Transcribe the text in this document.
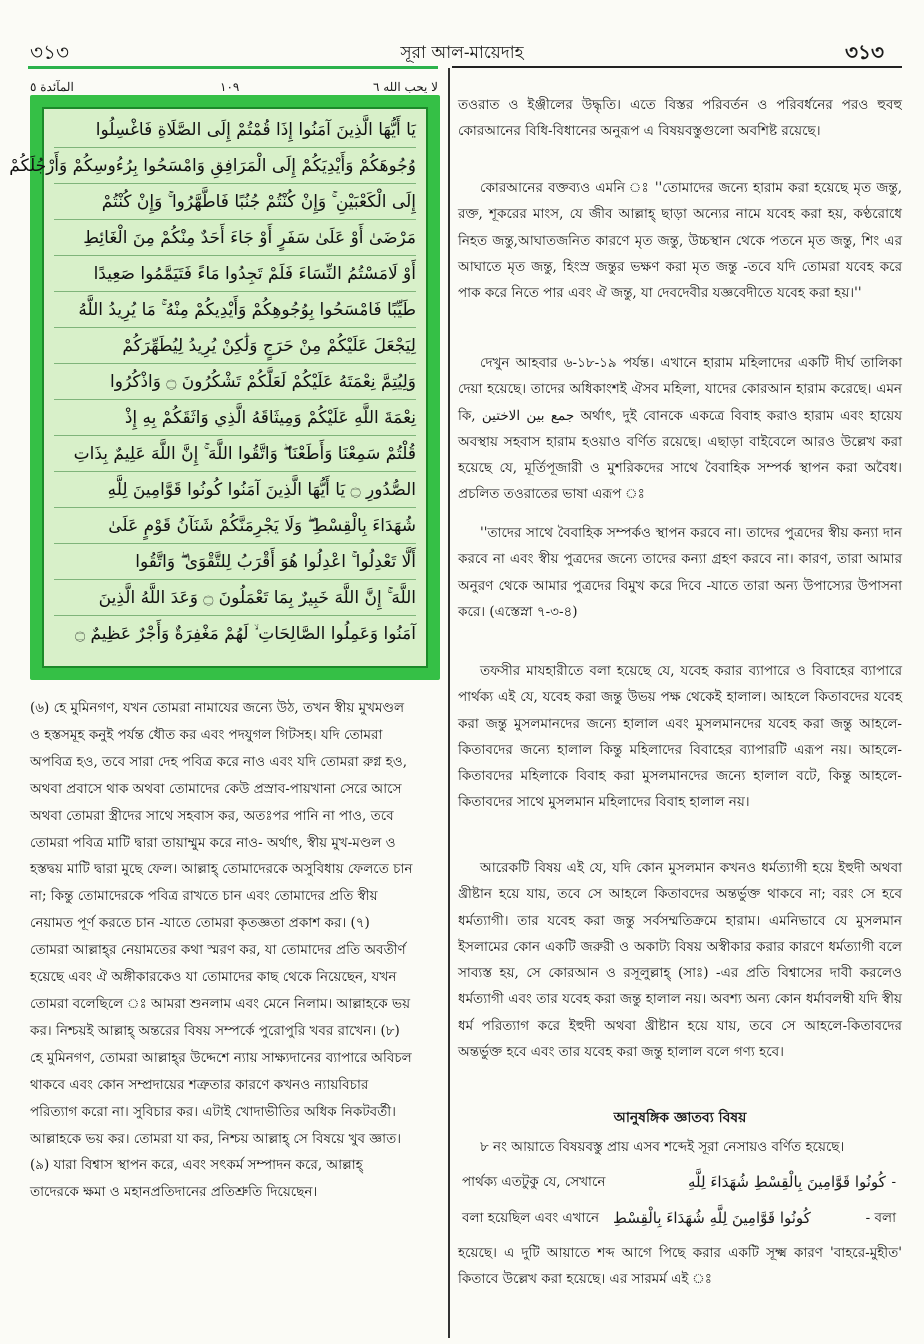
৩১৩	সূরা আল-মায়েদাহ	৩১৩
المآئدة ٥	١٠٩	لا يحب الله ٦
يَا أَيُّهَا الَّذِينَ آمَنُوا إِذَا قُمْتُمْ إِلَى الصَّلَاةِ فَاغْسِلُوا
وُجُوهَكُمْ وَأَيْدِيَكُمْ إِلَى الْمَرَافِقِ وَامْسَحُوا بِرُءُوسِكُمْ وَأَرْجُلَكُمْ
إِلَى الْكَعْبَيْنِ ۚ وَإِنْ كُنْتُمْ جُنُبًا فَاطَّهَّرُوا ۚ وَإِنْ كُنْتُمْ
مَرْضَىٰ أَوْ عَلَىٰ سَفَرٍ أَوْ جَاءَ أَحَدٌ مِنْكُمْ مِنَ الْغَائِطِ
أَوْ لَامَسْتُمُ النِّسَاءَ فَلَمْ تَجِدُوا مَاءً فَتَيَمَّمُوا صَعِيدًا
طَيِّبًا فَامْسَحُوا بِوُجُوهِكُمْ وَأَيْدِيكُمْ مِنْهُ ۚ مَا يُرِيدُ اللَّهُ
لِيَجْعَلَ عَلَيْكُمْ مِنْ حَرَجٍ وَلَٰكِنْ يُرِيدُ لِيُطَهِّرَكُمْ
وَلِيُتِمَّ نِعْمَتَهُ عَلَيْكُمْ لَعَلَّكُمْ تَشْكُرُونَ ۝ وَاذْكُرُوا
نِعْمَةَ اللَّهِ عَلَيْكُمْ وَمِيثَاقَهُ الَّذِي وَاثَقَكُمْ بِهِ إِذْ
قُلْتُمْ سَمِعْنَا وَأَطَعْنَا ۖ وَاتَّقُوا اللَّهَ ۚ إِنَّ اللَّهَ عَلِيمٌ بِذَاتِ
الصُّدُورِ ۝ يَا أَيُّهَا الَّذِينَ آمَنُوا كُونُوا قَوَّامِينَ لِلَّهِ
شُهَدَاءَ بِالْقِسْطِ ۖ وَلَا يَجْرِمَنَّكُمْ شَنَآنُ قَوْمٍ عَلَىٰ
أَلَّا تَعْدِلُوا ۚ اعْدِلُوا هُوَ أَقْرَبُ لِلتَّقْوَىٰ ۖ وَاتَّقُوا
اللَّهَ ۚ إِنَّ اللَّهَ خَبِيرٌ بِمَا تَعْمَلُونَ ۝ وَعَدَ اللَّهُ الَّذِينَ
آمَنُوا وَعَمِلُوا الصَّالِحَاتِ ۙ لَهُمْ مَغْفِرَةٌ وَأَجْرٌ عَظِيمٌ ۝
(৬) হে মুমিনগণ, যখন তোমরা নামাযের জন্যে উঠ, তখন স্বীয় মুখমণ্ডল
ও হস্তসমূহ কনুই পর্যন্ত ধৌত কর এবং পদযুগল গিটসহ। যদি তোমরা
অপবিত্র হও, তবে সারা দেহ পবিত্র করে নাও এবং যদি তোমরা রুগ্ন হও,
অথবা প্রবাসে থাক অথবা তোমাদের কেউ প্রস্রাব-পায়খানা সেরে আসে
অথবা তোমরা স্ত্রীদের সাথে সহবাস কর, অতঃপর পানি না পাও, তবে
তোমরা পবিত্র মাটি দ্বারা তায়াম্মুম করে নাও- অর্থাৎ, স্বীয় মুখ-মণ্ডল ও
হস্তদ্বয় মাটি দ্বারা মুছে ফেল। আল্লাহ্ তোমাদেরকে অসুবিধায় ফেলতে চান
না; কিন্তু তোমাদেরকে পবিত্র রাখতে চান এবং তোমাদের প্রতি স্বীয়
নেয়ামত পূর্ণ করতে চান -যাতে তোমরা কৃতজ্ঞতা প্রকাশ কর। (৭)
তোমরা আল্লাহ্‌র নেয়ামতের কথা স্মরণ কর, যা তোমাদের প্রতি অবতীর্ণ
হয়েছে এবং ঐ অঙ্গীকারকেও যা তোমাদের কাছ থেকে নিয়েছেন, যখন
তোমরা বলেছিলে ঃ আমরা শুনলাম এবং মেনে নিলাম। আল্লাহকে ভয়
কর। নিশ্চয়ই আল্লাহ্ অন্তরের বিষয় সম্পর্কে পুরোপুরি খবর রাখেন। (৮)
হে মুমিনগণ, তোমরা আল্লাহ্‌র উদ্দেশে ন্যায় সাক্ষ্যদানের ব্যাপারে অবিচল
থাকবে এবং কোন সম্প্রদায়ের শত্রুতার কারণে কখনও ন্যায়বিচার
পরিত্যাগ করো না। সুবিচার কর। এটাই খোদাভীতির অধিক নিকটবর্তী।
আল্লাহকে ভয় কর। তোমরা যা কর, নিশ্চয় আল্লাহ্ সে বিষয়ে খুব জ্ঞাত।
(৯) যারা বিশ্বাস স্থাপন করে, এবং সৎকর্ম সম্পাদন করে, আল্লাহ্
তাদেরকে ক্ষমা ও মহানপ্রতিদানের প্রতিশ্রুতি দিয়েছেন।
তওরাত ও ইঞ্জীলের উদ্ধৃতি। এতে বিস্তর পরিবর্তন ও পরিবর্ধনের পরও হুবহু কোরআনের বিধি-বিধানের অনুরূপ এ বিষয়বস্তুগুলো অবশিষ্ট রয়েছে।
কোরআনের বক্তব্যও এমনি ঃ ''তোমাদের জন্যে হারাম করা হয়েছে মৃত জন্তু, রক্ত, শূকরের মাংস, যে জীব আল্লাহ্ ছাড়া অন্যের নামে যবেহ করা হয়, কণ্ঠরোধে নিহত জন্তু,আঘাতজনিত কারণে মৃত জন্তু, উচ্চস্থান থেকে পতনে মৃত জন্তু, শিং এর আঘাতে মৃত জন্তু, হিংস্র জন্তুর ভক্ষণ করা মৃত জন্তু -তবে যদি তোমরা যবেহ করে পাক করে নিতে পার এবং ঐ জন্তু, যা দেবদেবীর যজ্ঞবেদীতে যবেহ করা হয়।''
দেখুন আহবার ৬-১৮-১৯ পর্যন্ত। এখানে হারাম মহিলাদের একটি দীর্ঘ তালিকা দেয়া হয়েছে। তাদের অধিকাংশই ঐসব মহিলা, যাদের কোরআন হারাম করেছে। এমন কি, جمع بين الاختين অর্থাৎ, দুই বোনকে একত্রে বিবাহ করাও হারাম এবং হায়েয অবস্থায় সহবাস হারাম হওয়াও বর্ণিত রয়েছে। এছাড়া বাইবেলে আরও উল্লেখ করা হয়েছে যে, মূর্তিপূজারী ও মুশরিকদের সাথে বৈবাহিক সম্পর্ক স্থাপন করা অবৈধ। প্রচলিত তওরাতের ভাষা এরূপ ঃ
''তাদের সাথে বৈবাহিক সম্পর্কও স্থাপন করবে না। তাদের পুত্রদের স্বীয় কন্যা দান করবে না এবং স্বীয় পুত্রদের জন্যে তাদের কন্যা গ্রহণ করবে না। কারণ, তারা আমার অনুরণ থেকে আমার পুত্রদের বিমুখ করে দিবে -যাতে তারা অন্য উপাস্যের উপাসনা করে। (এস্তেস্না ৭-৩-৪)
তফসীর মাযহারীতে বলা হয়েছে যে, যবেহ করার ব্যাপারে ও বিবাহের ব্যাপারে পার্থক্য এই যে, যবেহ করা জন্তু উভয় পক্ষ থেকেই হালাল। আহলে কিতাবদের যবেহ করা জন্তু মুসলমানদের জন্যে হালাল এবং মুসলমানদের যবেহ করা জন্তু আহলে-কিতাবদের জন্যে হালাল কিন্তু মহিলাদের বিবাহের ব্যাপারটি এরূপ নয়। আহলে-কিতাবদের মহিলাকে বিবাহ করা মুসলমানদের জন্যে হালাল বটে, কিন্তু আহলে-কিতাবদের সাথে মুসলমান মহিলাদের বিবাহ হালাল নয়।
আরেকটি বিষয় এই যে, যদি কোন মুসলমান কখনও ধর্মত্যাগী হয়ে ইহুদী অথবা খ্রীষ্টান হয়ে যায়, তবে সে আহলে কিতাবদের অন্তর্ভুক্ত থাকবে না; বরং সে হবে ধর্মত্যাগী। তার যবেহ করা জন্তু সর্বসম্মতিক্রমে হারাম। এমনিভাবে যে মুসলমান ইসলামের কোন একটি জরুরী ও অকাট্য বিষয় অস্বীকার করার কারণে ধর্মত্যাগী বলে সাব্যস্ত হয়, সে কোরআন ও রসূলুল্লাহ্ (সাঃ) -এর প্রতি বিশ্বাসের দাবী করলেও ধর্মত্যাগী এবং তার যবেহ করা জন্তু হালাল নয়। অবশ্য অন্য কোন ধর্মাবলম্বী যদি স্বীয় ধর্ম পরিত্যাগ করে ইহুদী অথবা খ্রীষ্টান হয়ে যায়, তবে সে আহলে-কিতাবদের অন্তর্ভুক্ত হবে এবং তার যবেহ করা জন্তু হালাল বলে গণ্য হবে।
আনুষঙ্গিক জ্ঞাতব্য বিষয়
৮ নং আয়াতে বিষয়বস্তু প্রায় এসব শব্দেই সূরা নেসায়ও বর্ণিত হয়েছে।
পার্থক্য এতটুকু যে, সেখানে	كُونُوا قَوَّامِينَ بِالْقِسْطِ شُهَدَاءَ لِلَّهِ -
বলা হয়েছিল এবং এখানে كُونُوا قَوَّامِينَ لِلَّهِ شُهَدَاءَ بِالْقِسْطِ	- বলা
হয়েছে। এ দুটি আয়াতে শব্দ আগে পিছে করার একটি সূক্ষ্ম কারণ 'বাহরে-মুহীত' কিতাবে উল্লেখ করা হয়েছে। এর সারমর্ম এই ঃ
